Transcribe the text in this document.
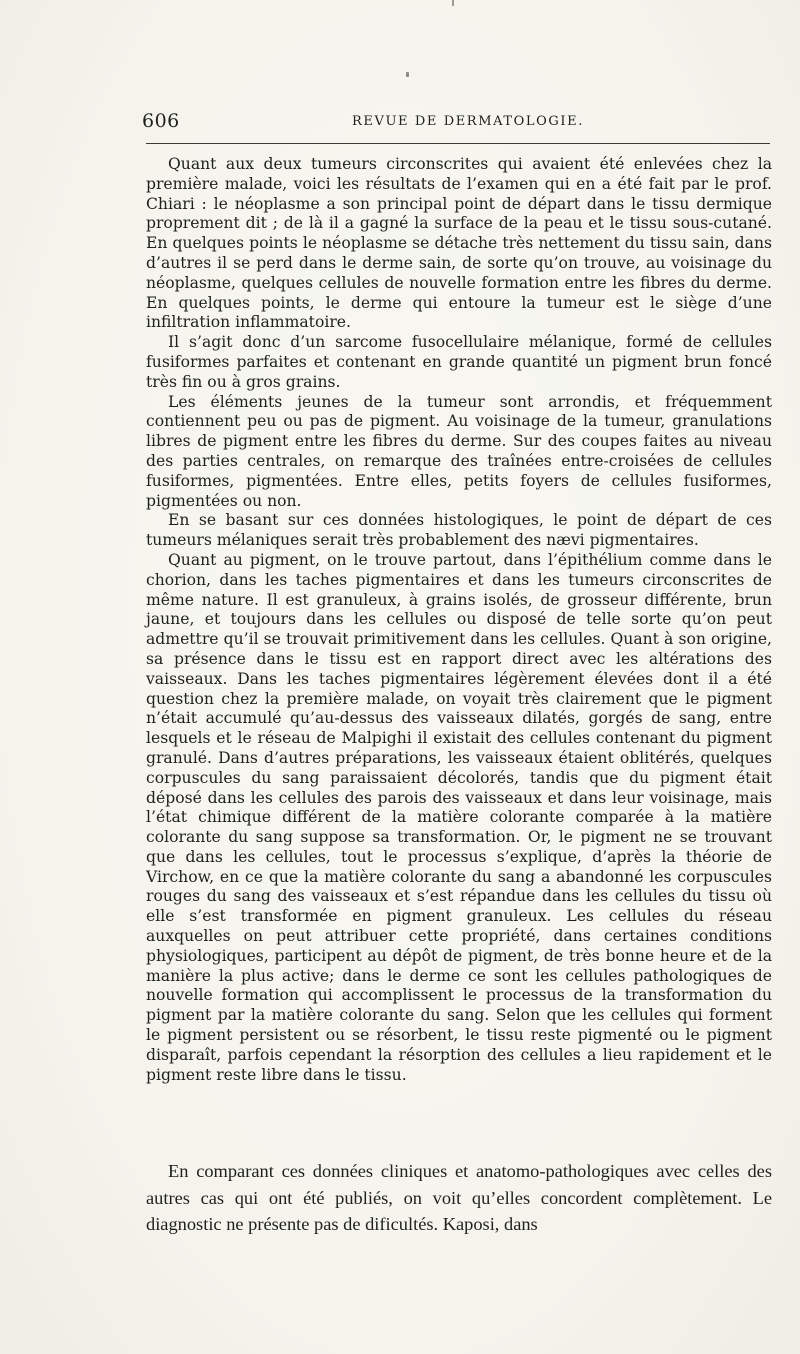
606	REVUE DE DERMATOLOGIE.

Quant aux deux tumeurs circonscrites qui avaient été enlevées chez la première malade, voici les résultats de l’examen qui en a été fait par le prof. Chiari : le néoplasme a son principal point de départ dans le tissu dermique proprement dit ; de là il a gagné la surface de la peau et le tissu sous-cutané. En quelques points le néoplasme se détache très nettement du tissu sain, dans d’autres il se perd dans le derme sain, de sorte qu’on trouve, au voisinage du néoplasme, quelques cellules de nouvelle formation entre les fibres du derme. En quelques points, le derme qui entoure la tumeur est le siège d’une infiltration inflammatoire.

Il s’agit donc d’un sarcome fusocellulaire mélanique, formé de cellules fusiformes parfaites et contenant en grande quantité un pigment brun foncé très fin ou à gros grains.

Les éléments jeunes de la tumeur sont arrondis, et fréquemment contiennent peu ou pas de pigment. Au voisinage de la tumeur, granulations libres de pigment entre les fibres du derme. Sur des coupes faites au niveau des parties centrales, on remarque des traînées entre-croisées de cellules fusiformes, pigmentées. Entre elles, petits foyers de cellules fusiformes, pigmentées ou non.

En se basant sur ces données histologiques, le point de départ de ces tumeurs mélaniques serait très probablement des nævi pigmentaires.

Quant au pigment, on le trouve partout, dans l’épithélium comme dans le chorion, dans les taches pigmentaires et dans les tumeurs circonscrites de même nature. Il est granuleux, à grains isolés, de grosseur différente, brun jaune, et toujours dans les cellules ou disposé de telle sorte qu’on peut admettre qu’il se trouvait primitivement dans les cellules. Quant à son origine, sa présence dans le tissu est en rapport direct avec les altérations des vaisseaux. Dans les taches pigmentaires légèrement élevées dont il a été question chez la première malade, on voyait très clairement que le pigment n’était accumulé qu’au-dessus des vaisseaux dilatés, gorgés de sang, entre lesquels et le réseau de Malpighi il existait des cellules contenant du pigment granulé. Dans d’autres préparations, les vaisseaux étaient oblitérés, quelques corpuscules du sang paraissaient décolorés, tandis que du pigment était déposé dans les cellules des parois des vaisseaux et dans leur voisinage, mais l’état chimique différent de la matière colorante comparée à la matière colorante du sang suppose sa transformation. Or, le pigment ne se trouvant que dans les cellules, tout le processus s’explique, d’après la théorie de Virchow, en ce que la matière colorante du sang a abandonné les corpuscules rouges du sang des vaisseaux et s’est répandue dans les cellules du tissu où elle s’est transformée en pigment granuleux. Les cellules du réseau auxquelles on peut attribuer cette propriété, dans certaines conditions physiologiques, participent au dépôt de pigment, de très bonne heure et de la manière la plus active; dans le derme ce sont les cellules pathologiques de nouvelle formation qui accomplissent le processus de la transformation du pigment par la matière colorante du sang. Selon que les cellules qui forment le pigment persistent ou se résorbent, le tissu reste pigmenté ou le pigment disparaît, parfois cependant la résorption des cellules a lieu rapidement et le pigment reste libre dans le tissu.

En comparant ces données cliniques et anatomo-pathologiques avec celles des autres cas qui ont été publiés, on voit qu’elles concordent complètement. Le diagnostic ne présente pas de dificultés. Kaposi, dans
